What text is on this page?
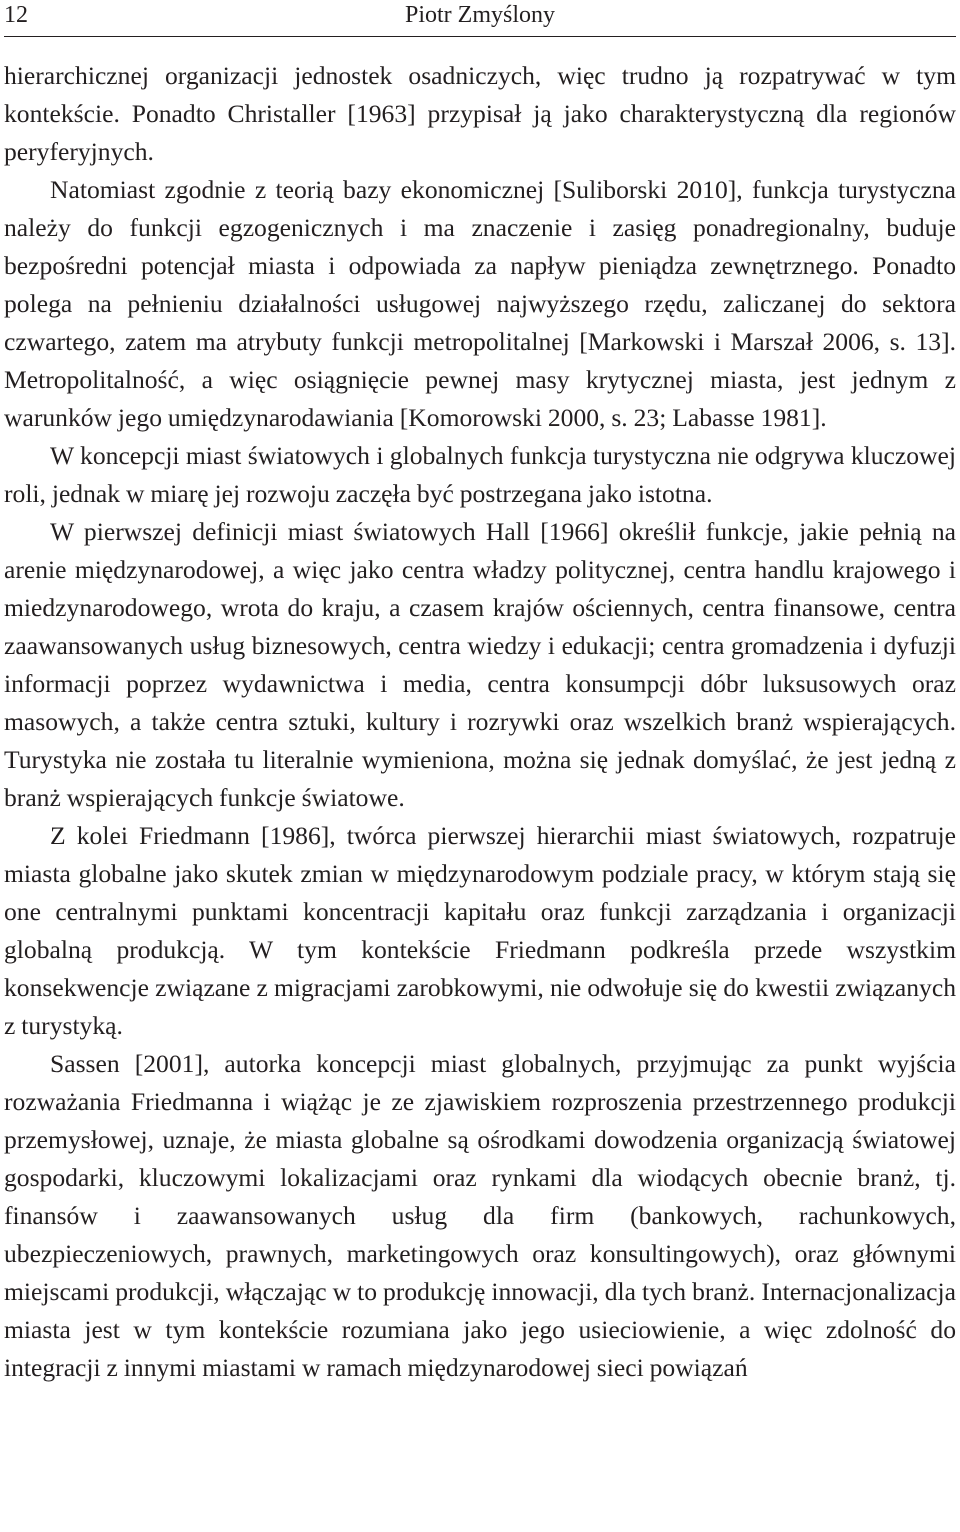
12	Piotr Zmyślony

hierarchicznej organizacji jednostek osadniczych, więc trudno ją rozpatrywać w tym kontekście. Ponadto Christaller [1963] przypisał ją jako charakterystyczną dla regionów peryferyjnych.

Natomiast zgodnie z teorią bazy ekonomicznej [Suliborski 2010], funkcja turystyczna należy do funkcji egzogenicznych i ma znaczenie i zasięg ponadregionalny, buduje bezpośredni potencjał miasta i odpowiada za napływ pieniądza zewnętrznego. Ponadto polega na pełnieniu działalności usługowej najwyższego rzędu, zaliczanej do sektora czwartego, zatem ma atrybuty funkcji metropolitalnej [Markowski i Marszał 2006, s. 13]. Metropolitalność, a więc osiągnięcie pewnej masy krytycznej miasta, jest jednym z warunków jego umiędzynarodawiania [Komorowski 2000, s. 23; Labasse 1981].

W koncepcji miast światowych i globalnych funkcja turystyczna nie odgrywa kluczowej roli, jednak w miarę jej rozwoju zaczęła być postrzegana jako istotna.

W pierwszej definicji miast światowych Hall [1966] określił funkcje, jakie pełnią na arenie międzynarodowej, a więc jako centra władzy politycznej, centra handlu krajowego i miedzynarodowego, wrota do kraju, a czasem krajów ościennych, centra finansowe, centra zaawansowanych usług biznesowych, centra wiedzy i edukacji; centra gromadzenia i dyfuzji informacji poprzez wydawnictwa i media, centra konsumpcji dóbr luksusowych oraz masowych, a także centra sztuki, kultury i rozrywki oraz wszelkich branż wspierających. Turystyka nie została tu literalnie wymieniona, można się jednak domyślać, że jest jedną z branż wspierających funkcje światowe.

Z kolei Friedmann [1986], twórca pierwszej hierarchii miast światowych, rozpatruje miasta globalne jako skutek zmian w międzynarodowym podziale pracy, w którym stają się one centralnymi punktami koncentracji kapitału oraz funkcji zarządzania i organizacji globalną produkcją. W tym kontekście Friedmann podkreśla przede wszystkim konsekwencje związane z migracjami zarobkowymi, nie odwołuje się do kwestii związanych z turystyką.

Sassen [2001], autorka koncepcji miast globalnych, przyjmując za punkt wyjścia rozważania Friedmanna i wiążąc je ze zjawiskiem rozproszenia przestrzennego produkcji przemysłowej, uznaje, że miasta globalne są ośrodkami dowodzenia organizacją światowej gospodarki, kluczowymi lokalizacjami oraz rynkami dla wiodących obecnie branż, tj. finansów i zaawansowanych usług dla firm (bankowych, rachunkowych, ubezpieczeniowych, prawnych, marketingowych oraz konsultingowych), oraz głównymi miejscami produkcji, włączając w to produkcję innowacji, dla tych branż. Internacjonalizacja miasta jest w tym kontekście rozumiana jako jego usieciowienie, a więc zdolność do integracji z innymi miastami w ramach międzynarodowej sieci powiązań
